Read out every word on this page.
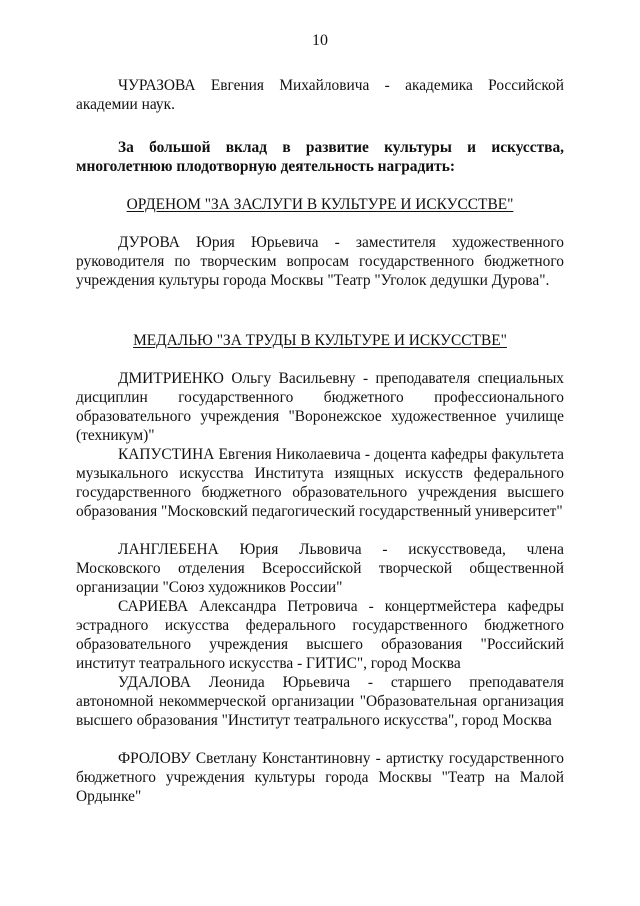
10

ЧУРАЗОВА Евгения Михайловича - академика Российской академии наук.

За большой вклад в развитие культуры и искусства, многолетнюю плодотворную деятельность наградить:

ОРДЕНОМ "ЗА ЗАСЛУГИ В КУЛЬТУРЕ И ИСКУССТВЕ"

ДУРОВА Юрия Юрьевича - заместителя художественного руководителя по творческим вопросам государственного бюджетного учреждения культуры города Москвы "Театр "Уголок дедушки Дурова".

МЕДАЛЬЮ "ЗА ТРУДЫ В КУЛЬТУРЕ И ИСКУССТВЕ"

ДМИТРИЕНКО Ольгу Васильевну - преподавателя специальных дисциплин государственного бюджетного профессионального образовательного учреждения "Воронежское художественное училище (техникум)"

КАПУСТИНА Евгения Николаевича - доцента кафедры факультета музыкального искусства Института изящных искусств федерального государственного бюджетного образовательного учреждения высшего образования "Московский педагогический государственный университет"

ЛАНГЛЕБЕНА Юрия Львовича - искусствоведа, члена Московского отделения Всероссийской творческой общественной организации "Союз художников России"

САРИЕВА Александра Петровича - концертмейстера кафедры эстрадного искусства федерального государственного бюджетного образовательного учреждения высшего образования "Российский институт театрального искусства - ГИТИС", город Москва

УДАЛОВА Леонида Юрьевича - старшего преподавателя автономной некоммерческой организации "Образовательная организация высшего образования "Институт театрального искусства", город Москва

ФРОЛОВУ Светлану Константиновну - артистку государственного бюджетного учреждения культуры города Москвы "Театр на Малой Ордынке"
